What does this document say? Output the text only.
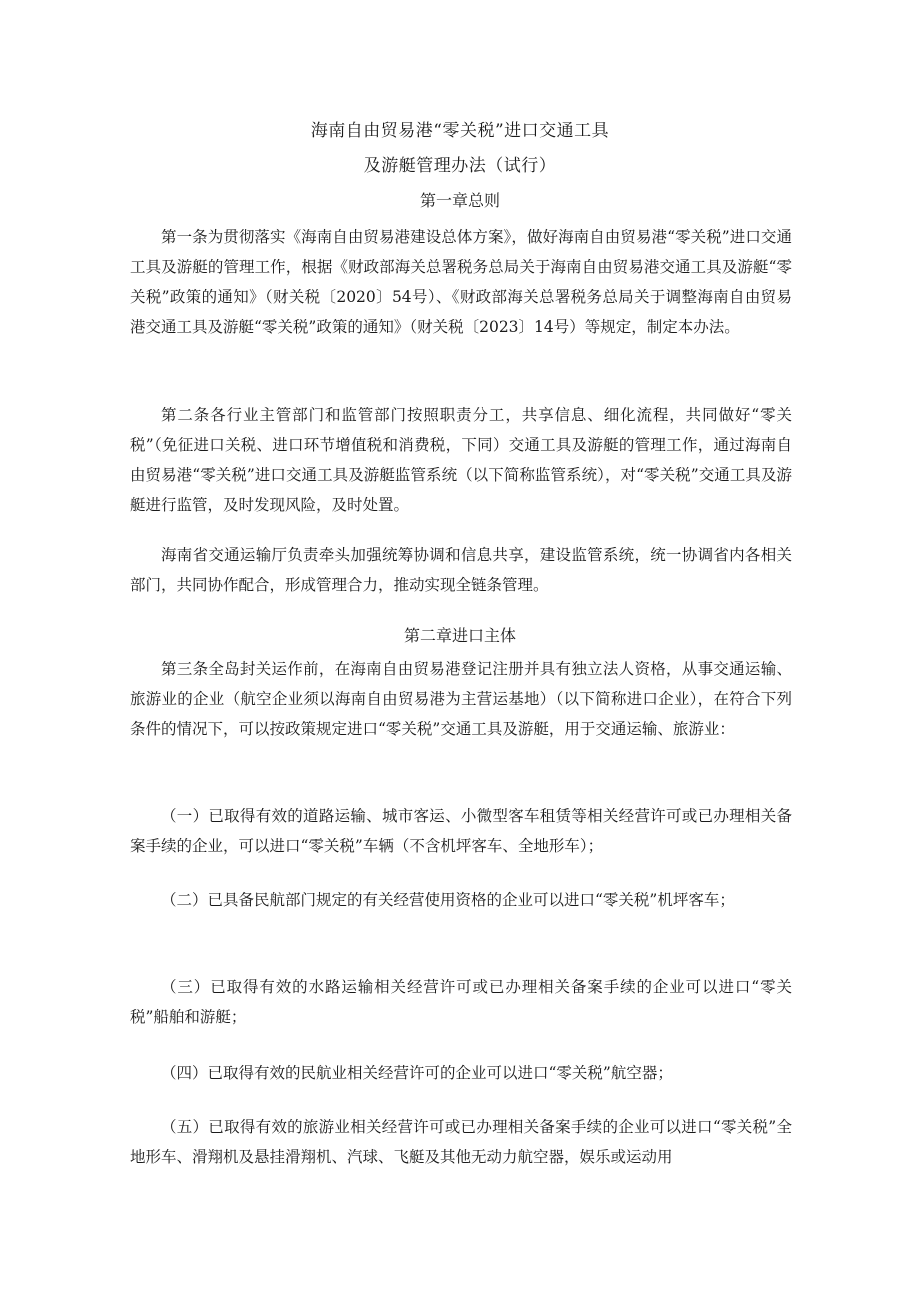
海南自由贸易港“零关税”进口交通工具
及游艇管理办法（试行）
第一章总则

第一条为贯彻落实《海南自由贸易港建设总体方案》，做好海南自由贸易港“零关税”进口交通工具及游艇的管理工作，根据《财政部海关总署税务总局关于海南自由贸易港交通工具及游艇“零关税”政策的通知》（财关税〔2020〕54号）、《财政部海关总署税务总局关于调整海南自由贸易港交通工具及游艇“零关税”政策的通知》（财关税〔2023〕14号）等规定，制定本办法。

第二条各行业主管部门和监管部门按照职责分工，共享信息、细化流程，共同做好“零关税”（免征进口关税、进口环节增值税和消费税，下同）交通工具及游艇的管理工作，通过海南自由贸易港“零关税”进口交通工具及游艇监管系统（以下简称监管系统），对“零关税”交通工具及游艇进行监管，及时发现风险，及时处置。

海南省交通运输厅负责牵头加强统筹协调和信息共享，建设监管系统，统一协调省内各相关部门，共同协作配合，形成管理合力，推动实现全链条管理。

第二章进口主体

第三条全岛封关运作前，在海南自由贸易港登记注册并具有独立法人资格，从事交通运输、旅游业的企业（航空企业须以海南自由贸易港为主营运基地）（以下简称进口企业），在符合下列条件的情况下，可以按政策规定进口“零关税”交通工具及游艇，用于交通运输、旅游业：

（一）已取得有效的道路运输、城市客运、小微型客车租赁等相关经营许可或已办理相关备案手续的企业，可以进口“零关税”车辆（不含机坪客车、全地形车）；

（二）已具备民航部门规定的有关经营使用资格的企业可以进口“零关税”机坪客车；

（三）已取得有效的水路运输相关经营许可或已办理相关备案手续的企业可以进口“零关税”船舶和游艇；

（四）已取得有效的民航业相关经营许可的企业可以进口“零关税”航空器；

（五）已取得有效的旅游业相关经营许可或已办理相关备案手续的企业可以进口“零关税”全地形车、滑翔机及悬挂滑翔机、汽球、飞艇及其他无动力航空器，娱乐或运动用
